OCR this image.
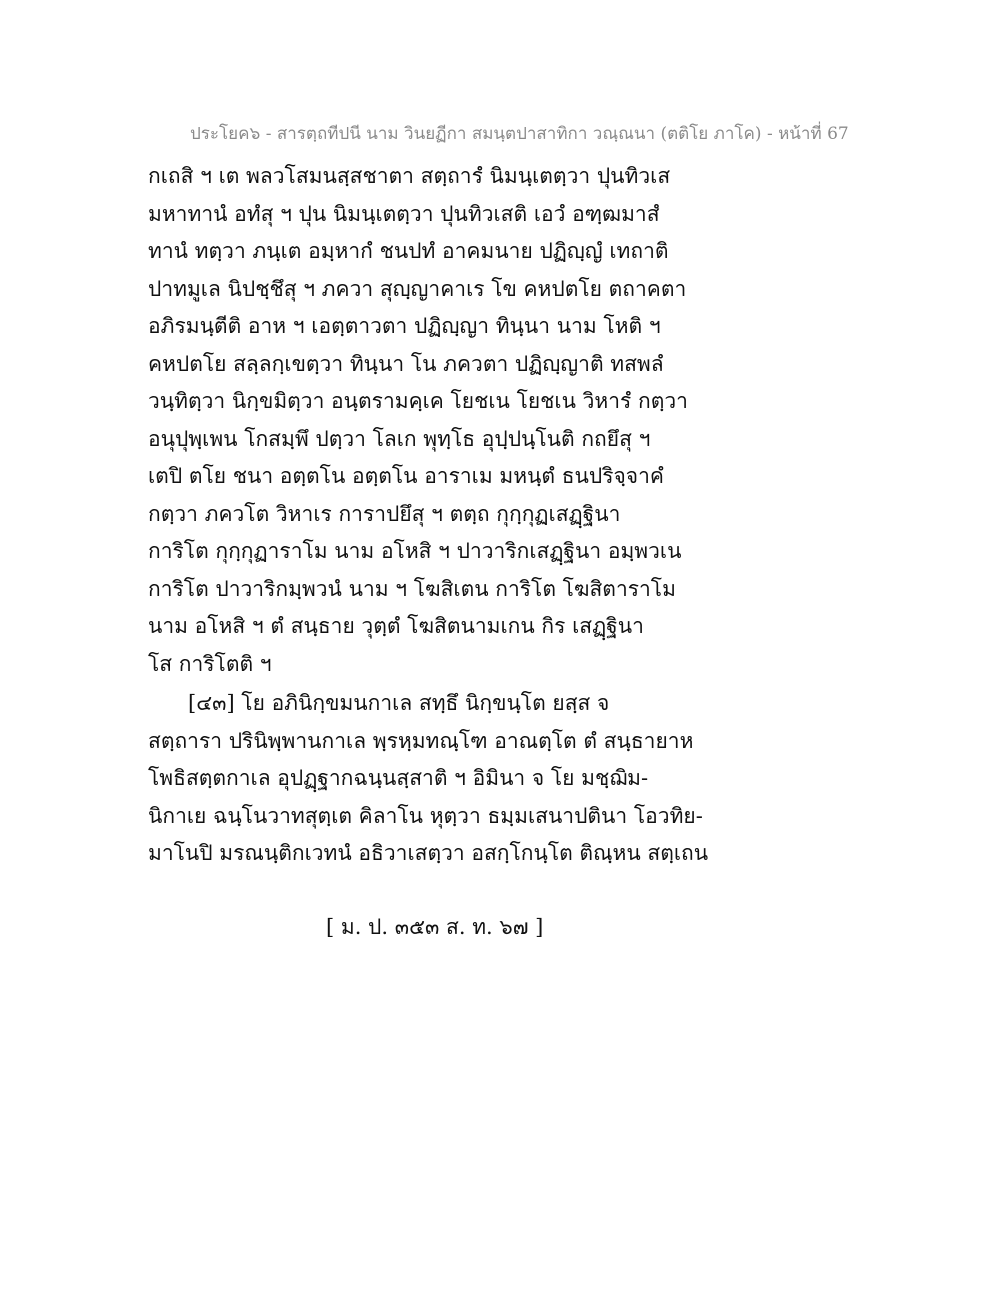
ประโยค๖ - สารตฺถทีปนี นาม วินยฏีกา สมนฺตปาสาทิกา วณฺณนา (ตติโย ภาโค) - หน้าที่ 67
กเถสิ ฯ เต พลวโสมนสฺสชาตา สตฺถารํ นิมนฺเตตฺวา ปุนทิวเส
มหาทานํ อทํสุ ฯ ปุน นิมนฺเตตฺวา ปุนทิวเสติ เอวํ อฑฺฒมาสํ
ทานํ ทตฺวา ภนฺเต อมฺหากํ ชนปทํ อาคมนาย ปฏิญฺญํ เทถาติ
ปาทมูเล นิปชฺชึสุ ฯ ภควา สุญฺญาคาเร โข คหปตโย ตถาคตา
อภิรมนฺตีติ อาห ฯ เอตฺตาวตา ปฏิญฺญา ทินฺนา นาม โหติ ฯ
คหปตโย สลฺลกฺเขตฺวา ทินฺนา โน ภควตา ปฏิญฺญาติ ทสพลํ
วนฺทิตฺวา นิกฺขมิตฺวา อนฺตรามคฺเค โยชเน โยชเน วิหารํ กตฺวา
อนุปุพฺเพน โกสมฺพึ ปตฺวา โลเก พุทฺโธ อุปฺปนฺโนติ กถยึสุ ฯ
เตปิ ตโย ชนา อตฺตโน อตฺตโน อาราเม มหนฺตํ ธนปริจฺจาคํ
กตฺวา ภควโต วิหาเร การาปยึสุ ฯ ตตฺถ กุกฺกุฏเสฏฺฐินา
การิโต กุกฺกุฏาราโม นาม อโหสิ ฯ ปาวาริกเสฏฺฐินา อมฺพวเน
การิโต ปาวาริกมฺพวนํ นาม ฯ โฆสิเตน การิโต โฆสิตาราโม
นาม อโหสิ ฯ ตํ สนฺธาย วุตฺตํ โฆสิตนามเกน กิร เสฏฺฐินา
โส การิโตติ ฯ
[๔๓] โย อภินิกฺขมนกาเล สทฺธึ นิกฺขนฺโต ยสฺส จ
สตฺถารา ปรินิพฺพานกาเล พฺรหฺมทณฺโฑ อาณตฺโต ตํ สนฺธายาห
โพธิสตฺตกาเล อุปฏฺฐากฉนฺนสฺสาติ ฯ อิมินา จ โย มชฺฌิม-
นิกาเย ฉนฺโนวาทสุตฺเต คิลาโน หุตฺวา ธมฺมเสนาปตินา โอวทิย-
มาโนปิ มรณนฺติกเวทนํ อธิวาเสตฺวา อสกฺโกนฺโต ติณฺหน สตฺเถน
[ ม. ป. ๓๕๓ ส. ท. ๖๗ ]
